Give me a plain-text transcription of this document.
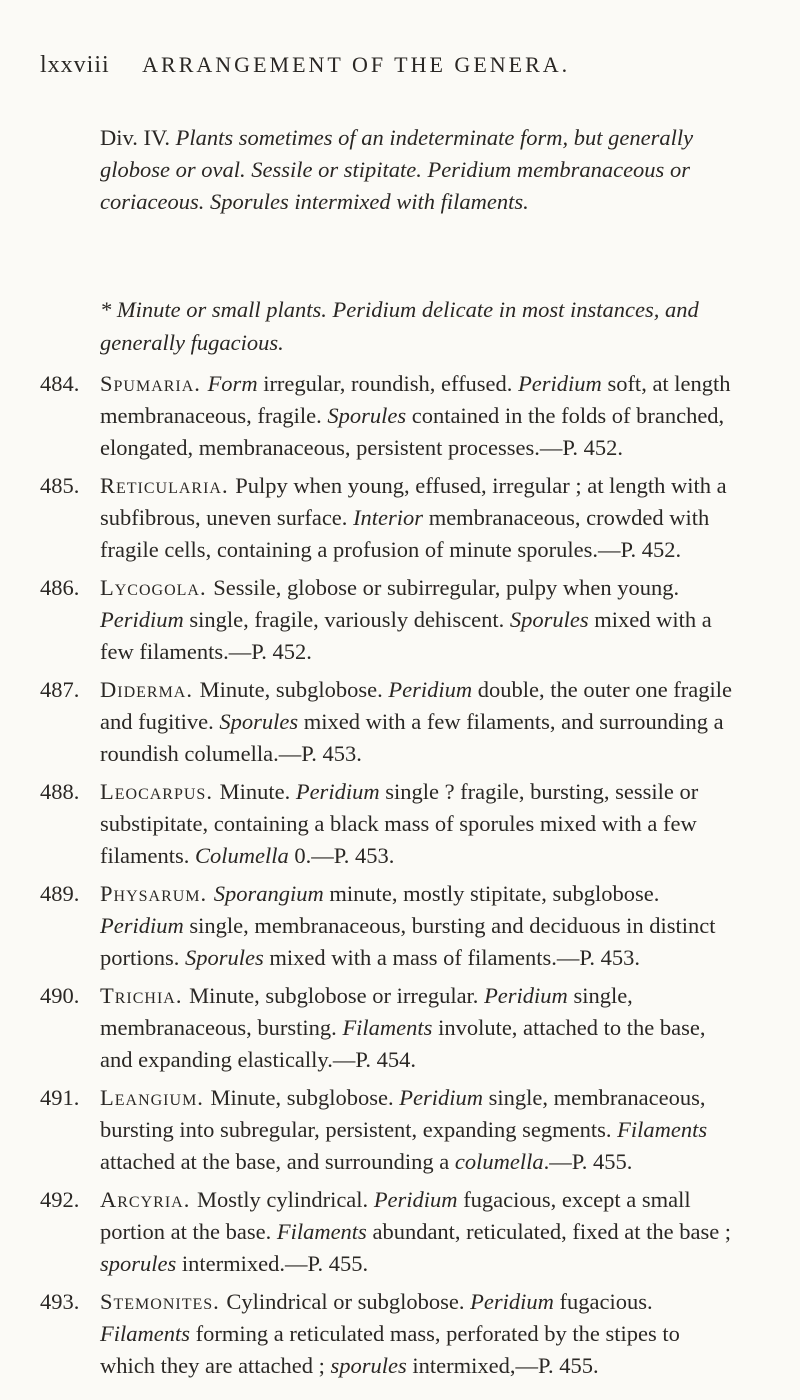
lxxviii ARRANGEMENT OF THE GENERA.
Div. IV. Plants sometimes of an indeterminate form, but generally globose or oval. Sessile or stipitate. Peridium membranaceous or coriaceous. Sporules intermixed with filaments.
* Minute or small plants. Peridium delicate in most instances, and generally fugacious.
484. Spumaria. Form irregular, roundish, effused. Peridium soft, at length membranaceous, fragile. Sporules contained in the folds of branched, elongated, membranaceous, persistent processes.—P. 452.
485. Reticularia. Pulpy when young, effused, irregular ; at length with a subfibrous, uneven surface. Interior membranaceous, crowded with fragile cells, containing a profusion of minute sporules.—P. 452.
486. Lycogola. Sessile, globose or subirregular, pulpy when young. Peridium single, fragile, variously dehiscent. Sporules mixed with a few filaments.—P. 452.
487. Diderma. Minute, subglobose. Peridium double, the outer one fragile and fugitive. Sporules mixed with a few filaments, and surrounding a roundish columella.—P. 453.
488. Leocarpus. Minute. Peridium single ? fragile, bursting, sessile or substipitate, containing a black mass of sporules mixed with a few filaments. Columella 0.—P. 453.
489. Physarum. Sporangium minute, mostly stipitate, subglobose. Peridium single, membranaceous, bursting and deciduous in distinct portions. Sporules mixed with a mass of filaments.—P. 453.
490. Trichia. Minute, subglobose or irregular. Peridium single, membranaceous, bursting. Filaments involute, attached to the base, and expanding elastically.—P. 454.
491. Leangium. Minute, subglobose. Peridium single, membranaceous, bursting into subregular, persistent, expanding segments. Filaments attached at the base, and surrounding a columella.—P. 455.
492. Arcyria. Mostly cylindrical. Peridium fugacious, except a small portion at the base. Filaments abundant, reticulated, fixed at the base ; sporules intermixed.—P. 455.
493. Stemonites. Cylindrical or subglobose. Peridium fugacious. Filaments forming a reticulated mass, perforated by the stipes to which they are attached ; sporules intermixed,—P. 455.
